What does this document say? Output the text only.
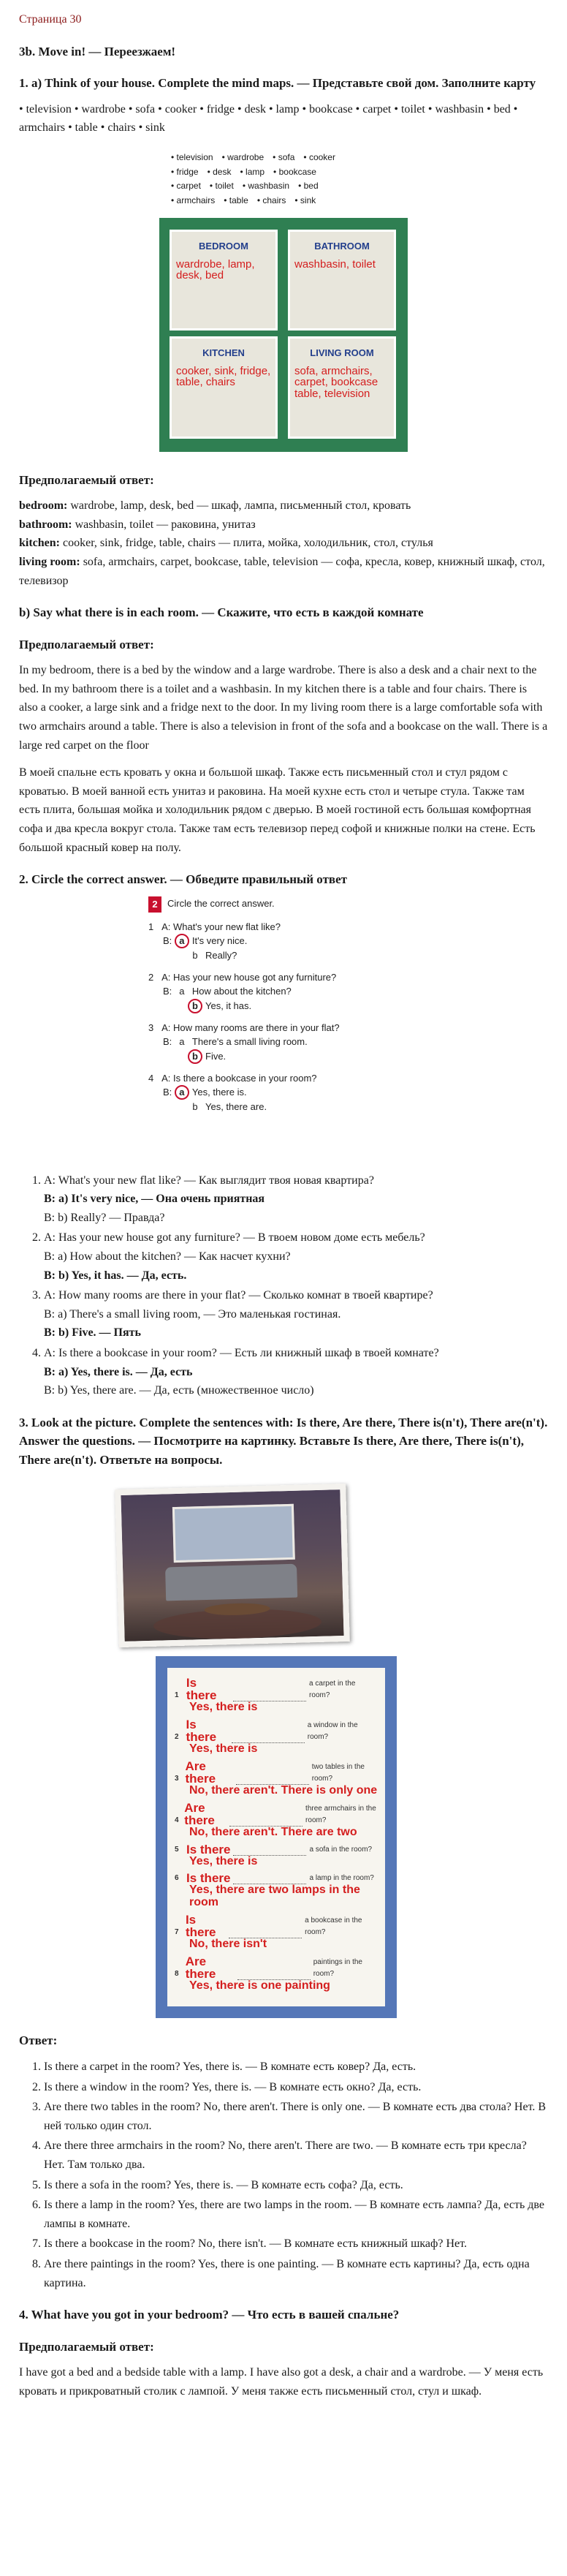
Страница 30
3b. Move in! — Переезжаем!
1. a) Think of your house. Complete the mind maps. — Представьте свой дом. Заполните карту

• television • wardrobe • sofa • cooker • fridge • desk • lamp • bookcase • carpet • toilet • washbasin • bed • armchairs • table • chairs • sink

• television • wardrobe • sofa • cooker
• fridge • desk • lamp • bookcase
• carpet • toilet • washbasin • bed
• armchairs • table • chairs • sink
BEDROOM
wardrobe, lamp, desk, bed
BATHROOM
washbasin, toilet
KITCHEN
cooker, sink, fridge, table, chairs
LIVING ROOM
sofa, armchairs, carpet, bookcase table, television
Предполагаемый ответ:

bedroom: wardrobe, lamp, desk, bed — шкаф, лампа, письменный стол, кровать
bathroom: washbasin, toilet — раковина, унитаз
kitchen: cooker, sink, fridge, table, chairs — плита, мойка, холодильник, стол, стулья
living room: sofa, armchairs, carpet, bookcase, table, television — софа, кресла, ковер, книжный шкаф, стол, телевизор

b) Say what there is in each room. — Скажите, что есть в каждой комнате
Предполагаемый ответ:

In my bedroom, there is a bed by the window and a large wardrobe. There is also a desk and a chair next to the bed. In my bathroom there is a toilet and a washbasin. In my kitchen there is a table and four chairs. There is also a cooker, a large sink and a fridge next to the door. In my living room there is a large comfortable sofa with two armchairs around a table. There is also a television in front of the sofa and a bookcase on the wall. There is a large red carpet on the floor

В моей спальне есть кровать у окна и большой шкаф. Также есть письменный стол и стул рядом с кроватью. В моей ванной есть унитаз и раковина. На моей кухне есть стол и четыре стула. Также там есть плита, большая мойка и холодильник рядом с дверью. В моей гостиной есть большая комфортная софа и два кресла вокруг стола. Также там есть телевизор перед софой и книжные полки на стене. Есть большой красный ковер на полу.

2. Circle the correct answer. — Обведите правильный ответ
2	Circle the correct answer.
1 A: What's your new flat like?
B: a It's very nice.
b Really?
2 A: Has your new house got any furniture?
B: a How about the kitchen?
b Yes, it has.
3 A: How many rooms are there in your flat?
B: a There's a small living room.
b Five.
4 A: Is there a bookcase in your room?
B: a Yes, there is.
b Yes, there are.
1. A: What's your new flat like? — Как выглядит твоя новая квартира?
B: a) It's very nice, — Она очень приятная
B: b) Really? — Правда?
2. A: Has your new house got any furniture? — В твоем новом доме есть мебель?
B: a) How about the kitchen? — Как насчет кухни?
B: b) Yes, it has. — Да, есть.
3. A: How many rooms are there in your flat? — Сколько комнат в твоей квартире?
B: a) There's a small living room, — Это маленькая гостиная.
B: b) Five. — Пять
4. A: Is there a bookcase in your room? — Есть ли книжный шкаф в твоей комнате?
B: a) Yes, there is. — Да, есть
B: b) Yes, there are. — Да, есть (множественное число)
3. Look at the picture. Complete the sentences with: Is there, Are there, There is(n't), There are(n't). Answer the questions. — Посмотрите на картинку. Вставьте Is there, Are there, There is(n't), There are(n't). Ответьте на вопросы.
1
Is there
a carpet in the room?
Yes, there is
2
Is there
a window in the room?
Yes, there is
3
Are there
two tables in the room?
No, there aren't. There is only one
4
Are there
three armchairs in the room?
No, there aren't. There are two
5 Is there	a sofa in the room?
Yes, there is
6 Is there	a lamp in the room?
Yes, there are two lamps in the room
7
Is there
a bookcase in the room?
No, there isn't
8
Are there
paintings in the room?
Yes, there is one painting
Ответ:
1. Is there a carpet in the room? Yes, there is. — В комнате есть ковер? Да, есть.
2. Is there a window in the room? Yes, there is. — В комнате есть окно? Да, есть.
3. Are there two tables in the room? No, there aren't. There is only one. — В комнате есть два стола? Нет. В ней только один стол.
4. Are there three armchairs in the room? No, there aren't. There are two. — В комнате есть три кресла? Нет. Там только два.
5. Is there a sofa in the room? Yes, there is. — В комнате есть софа? Да, есть.
6. Is there a lamp in the room? Yes, there are two lamps in the room. — В комнате есть лампа? Да, есть две лампы в комнате.
7. Is there a bookcase in the room? No, there isn't. — В комнате есть книжный шкаф? Нет.
8. Are there paintings in the room? Yes, there is one painting. — В комнате есть картины? Да, есть одна картина.
4. What have you got in your bedroom? — Что есть в вашей спальне?
Предполагаемый ответ:

I have got a bed and a bedside table with a lamp. I have also got a desk, a chair and a wardrobe. — У меня есть кровать и прикроватный столик с лампой. У меня также есть письменный стол, стул и шкаф.
